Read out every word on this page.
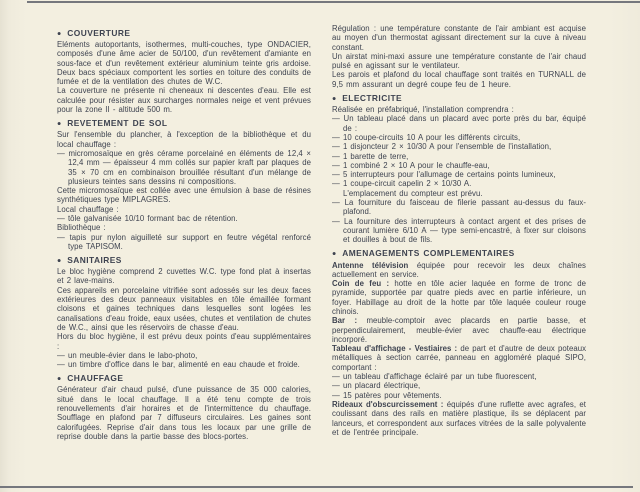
● COUVERTURE

Eléments autoportants, isothermes, multi-couches, type ONDACIER, composés d'une âme acier de 50/100, d'un revêtement d'amiante en sous-face et d'un revêtement extérieur aluminium teinte gris ardoise. Deux bacs spéciaux comportent les sorties en toiture des conduits de fumée et de la ventilation des chutes de W.C.

La couverture ne présente ni cheneaux ni descentes d'eau. Elle est calculée pour résister aux surcharges normales neige et vent prévues pour la zone II - altitude 500 m.

● REVETEMENT DE SOL

Sur l'ensemble du plancher, à l'exception de la bibliothèque et du local chauffage :

— micromosaïque en grès cérame porcelainé en éléments de 12,4 × 12,4 mm — épaisseur 4 mm collés sur papier kraft par plaques de 35 × 70 cm en combinaison brouillée résultant d'un mélange de plusieurs teintes sans dessins ni compositions.

Cette micromosaïque est collée avec une émulsion à base de résines synthétiques type MIPLAGRES.

Local chauffage :

— tôle galvanisée 10/10 formant bac de rétention.

Bibliothèque :

— tapis pur nylon aiguilleté sur support en feutre végétal renforcé type TAPISOM.

● SANITAIRES

Le bloc hygiène comprend 2 cuvettes W.C. type fond plat à insertas et 2 lave-mains.

Ces appareils en porcelaine vitrifiée sont adossés sur les deux faces extérieures des deux panneaux visitables en tôle émaillée formant cloisons et gaines techniques dans lesquelles sont logées les canalisations d'eau froide, eaux usées, chutes et ventilation de chutes de W.C., ainsi que les réservoirs de chasse d'eau.

Hors du bloc hygiène, il est prévu deux points d'eau supplémentaires :

— un meuble-évier dans le labo-photo,

— un timbre d'office dans le bar, alimenté en eau chaude et froide.

● CHAUFFAGE

Générateur d'air chaud pulsé, d'une puissance de 35 000 calories, situé dans le local chauffage. Il a été tenu compte de trois renouvellements d'air horaires et de l'intermittence du chauffage. Soufflage en plafond par 7 diffuseurs circulaires. Les gaines sont calorifugées. Reprise d'air dans tous les locaux par une grille de reprise double dans la partie basse des blocs-portes.

Régulation : une température constante de l'air ambiant est acquise au moyen d'un thermostat agissant directement sur la cuve à niveau constant.

Un airstat mini-maxi assure une température constante de l'air chaud pulsé en agissant sur le ventilateur.

Les parois et plafond du local chauffage sont traités en TURNALL de 9,5 mm assurant un degré coupe feu de 1 heure.

● ELECTRICITE

Réalisée en préfabriqué, l'installation comprendra :

— Un tableau placé dans un placard avec porte près du bar, équipé de :

— 10 coupe-circuits 10 A pour les différents circuits,

— 1 disjoncteur 2 × 10/30 A pour l'ensemble de l'installation,

— 1 barette de terre,

— 1 combiné 2 × 10 A pour le chauffe-eau,

— 5 interrupteurs pour l'allumage de certains points lumineux,

— 1 coupe-circuit capelin 2 × 10/30 A.

L'emplacement du compteur est prévu.

— La fourniture du faisceau de filerie passant au-dessus du faux-plafond.

— La fourniture des interrupteurs à contact argent et des prises de courant lumière 6/10 A — type semi-encastré, à fixer sur cloisons et douilles à bout de fils.

● AMENAGEMENTS COMPLEMENTAIRES

Antenne télévision équipée pour recevoir les deux chaînes actuellement en service.

Coin de feu : hotte en tôle acier laquée en forme de tronc de pyramide, supportée par quatre pieds avec en partie inférieure, un foyer. Habillage au droit de la hotte par tôle laquée couleur rouge chinois.

Bar : meuble-comptoir avec placards en partie basse, et perpendiculairement, meuble-évier avec chauffe-eau électrique incorporé.

Tableau d'affichage - Vestiaires : de part et d'autre de deux poteaux métalliques à section carrée, panneau en aggloméré plaqué SIPO, comportant :

— un tableau d'affichage éclairé par un tube fluorescent,

— un placard électrique,

— 15 patères pour vêtements.

Rideaux d'obscurcissement : équipés d'une ruflette avec agrafes, et coulissant dans des rails en matière plastique, ils se déplacent par lanceurs, et correspondent aux surfaces vitrées de la salle polyvalente et de l'entrée principale.
